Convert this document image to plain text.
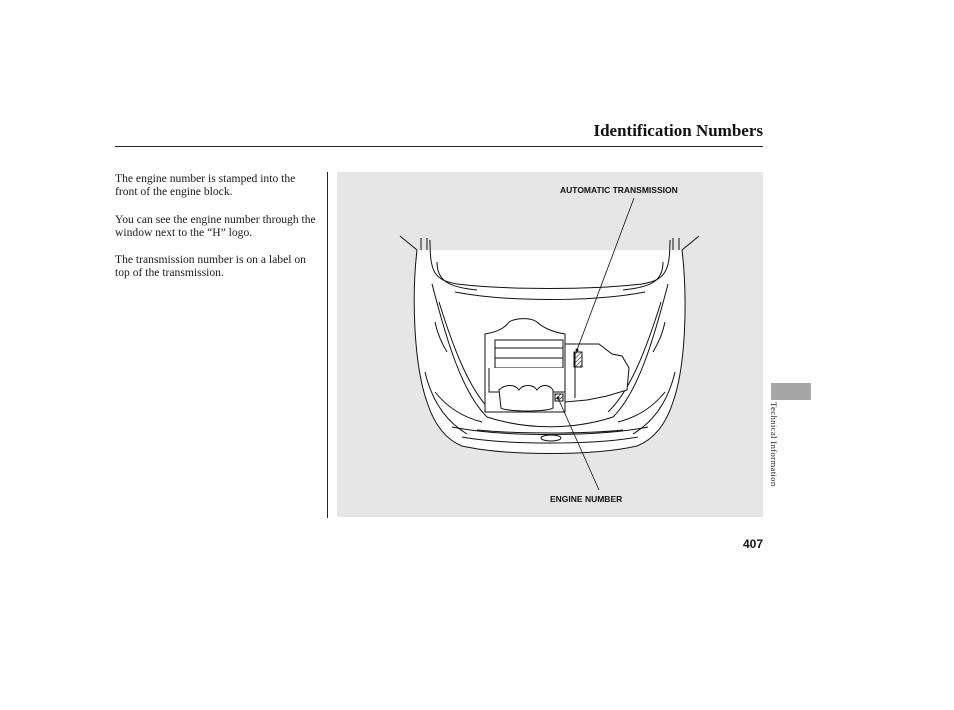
Identification Numbers

The engine number is stamped into the front of the engine block.

You can see the engine number through the window next to the “H” logo.

The transmission number is on a label on top of the transmission.

AUTOMATIC TRANSMISSION
ENGINE NUMBER
Technical Information
407
